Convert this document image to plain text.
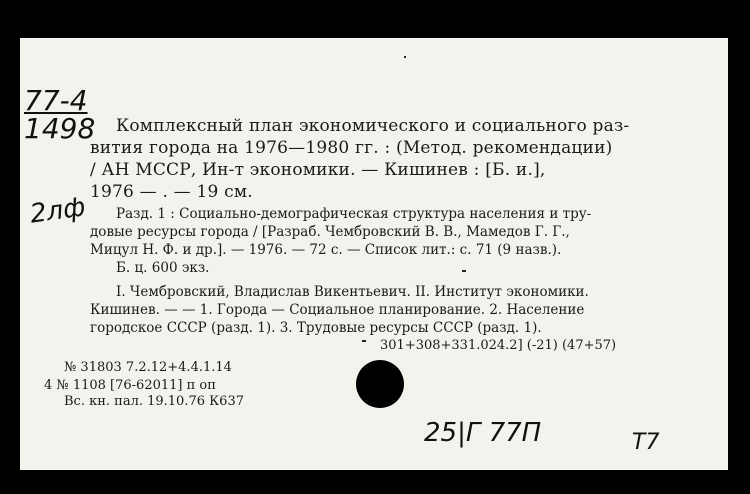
77-4
1498
2лф
Комплексный план экономического и социального раз-
вития города на 1976—1980 гг. : (Метод. рекомендации)
/ АН МССР, Ин-т экономики. — Кишинев : [Б. и.],
1976 — . — 19 см.
Разд. 1 : Социально-демографическая структура населения и тру-
довые ресурсы города / [Разраб. Чембровский В. В., Мамедов Г. Г.,
Мицул Н. Ф. и др.]. — 1976. — 72 с. — Список лит.: с. 71 (9 назв.).
Б. ц. 600 экз.
I. Чембровский, Владислав Викентьевич. II. Институт экономики.
Кишинев. — — 1. Города — Социальное планирование. 2. Население
городское СССР (разд. 1). 3. Трудовые ресурсы СССР (разд. 1).
301+308+331.024.2] (-21) (47+57)
№ 31803 7.2.12+4.4.1.14
4 № 1108 [76-62011] п оп
Вс. кн. пал. 19.10.76 К637
25|Г 77П	Т7
